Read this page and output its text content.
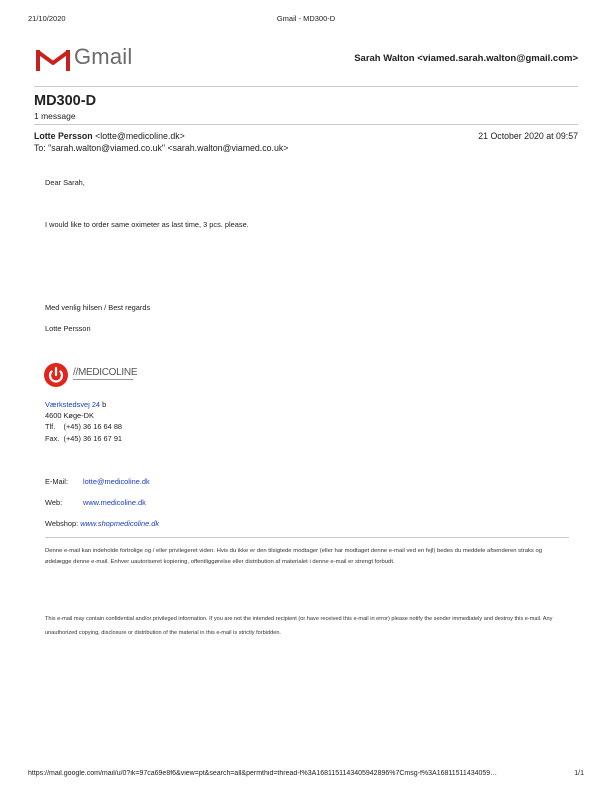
21/10/2020	Gmail - MD300-D
Gmail	Sarah Walton <viamed.sarah.walton@gmail.com>
MD300-D
1 message
Lotte Persson <lotte@medicoline.dk>	21 October 2020 at 09:57
To: "sarah.walton@viamed.co.uk" <sarah.walton@viamed.co.uk>
Dear Sarah,
I would like to order same oximeter as last time, 3 pcs. please.
Med venlig hilsen / Best regards
Lotte Persson
//MEDICOLINE
Værkstedsvej 24 b
4600 Køge-DK
Tlf. (+45) 36 16 64 88
Fax. (+45) 36 16 67 91
E-Mail: lotte@medicoline.dk
Web:	www.medicoline.dk
Webshop: www.shopmedicoline.dk
Denne e-mail kan indeholde fortrolige og / eller privilegeret viden. Hvis du ikke er den tilsigtede modtager (eller har modtaget denne e-mail ved en fejl) bedes du meddele afsenderen straks og ødelægge denne e-mail. Enhver uautoriseret kopiering, offentliggørelse eller distribution af materialet i denne e-mail er strengt forbudt.
This e-mail may contain confidential and/or privileged information. If you are not the intended recipient (or have received this e-mail in error) please notify the sender immediately and destroy this e-mail. Any unauthorized copying, disclosure or distribution of the material in this e-mail is strictly forbidden.
https://mail.google.com/mail/u/0?ik=97ca69e8f6&view=pt&search=all&permthid=thread-f%3A1681151143405942896%7Cmsg-f%3A16811511434059…	1/1
